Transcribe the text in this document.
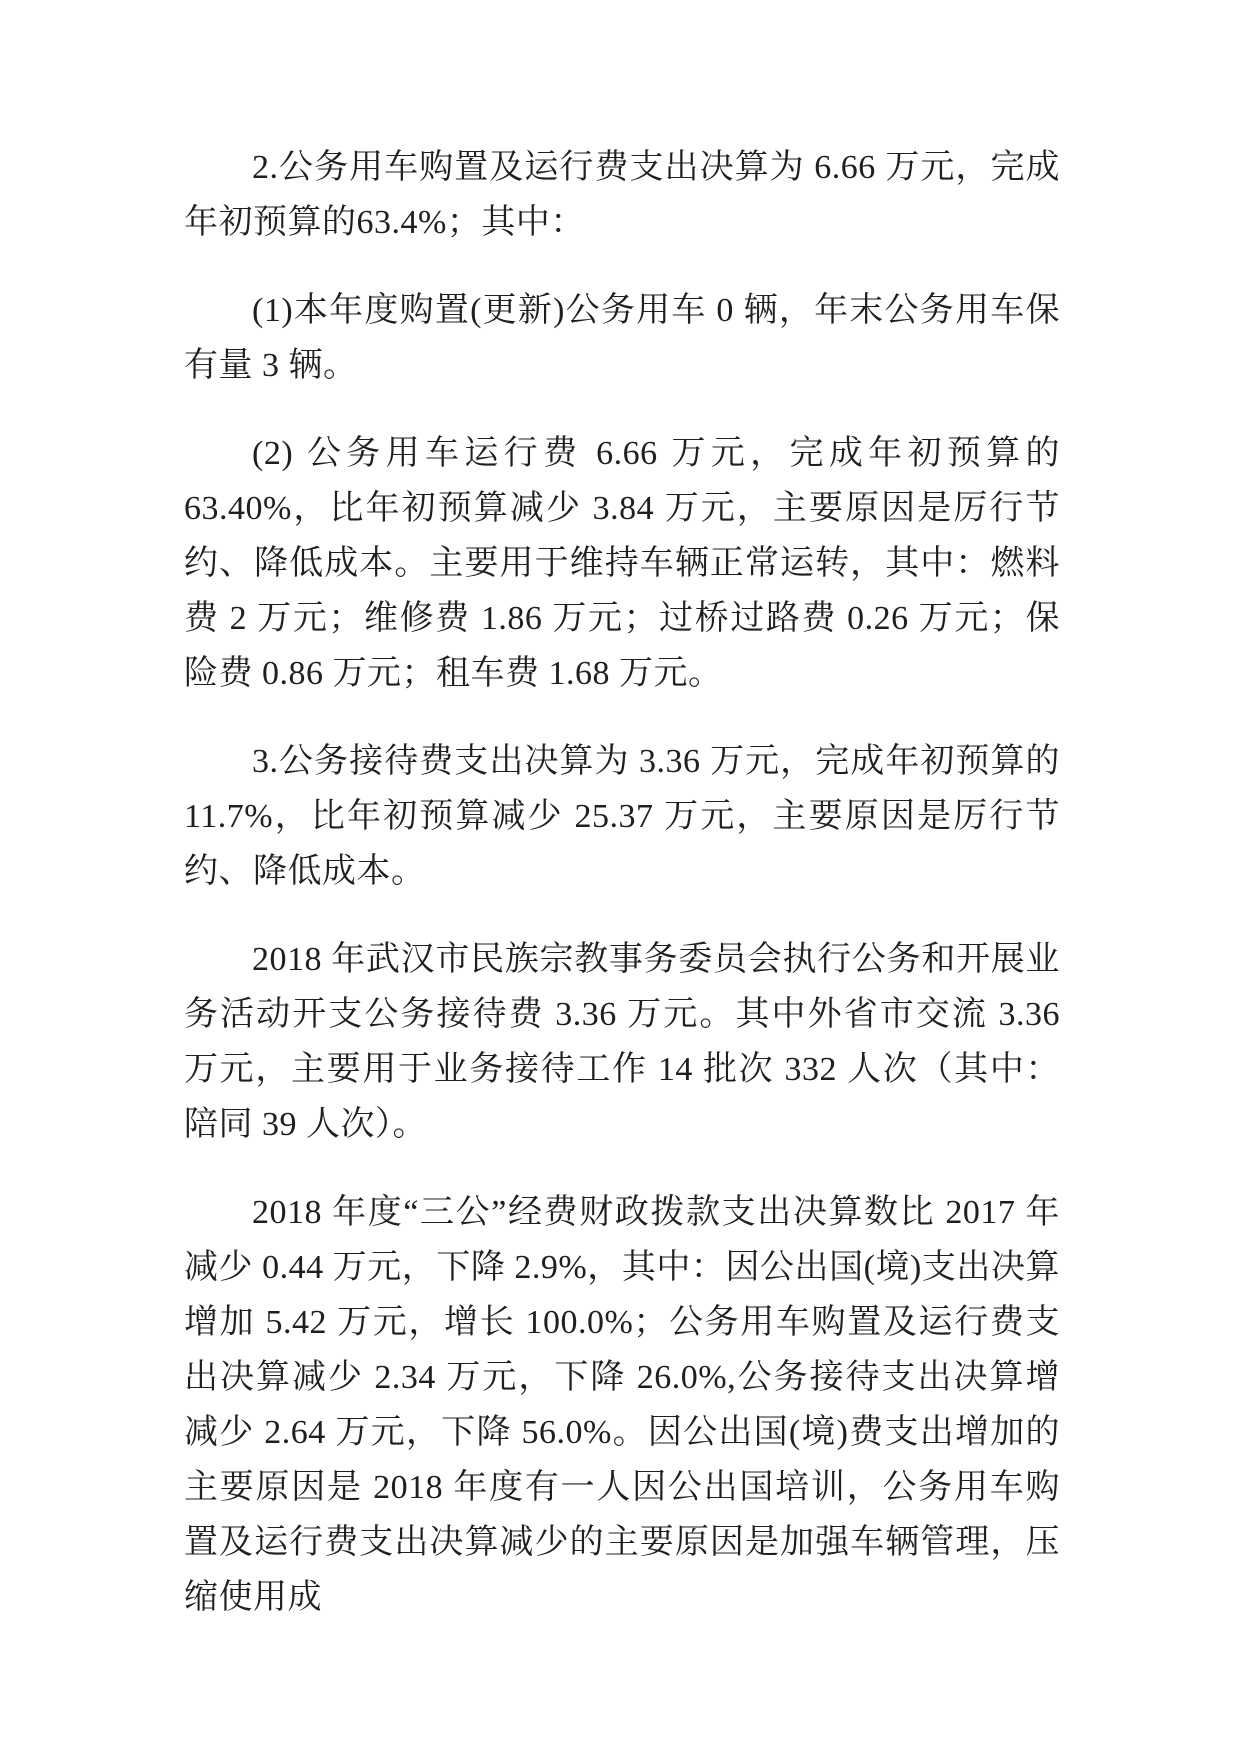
2.公务用车购置及运行费支出决算为 6.66 万元，完成年初预算的63.4%；其中：

(1)本年度购置(更新)公务用车 0 辆，年末公务用车保有量 3 辆。

(2) 公务用车运行费 6.66 万元，完成年初预算的63.40%，比年初预算减少 3.84 万元，主要原因是厉行节约、降低成本。主要用于维持车辆正常运转，其中：燃料费 2 万元；维修费 1.86 万元；过桥过路费 0.26 万元；保险费 0.86 万元；租车费 1.68 万元。

3.公务接待费支出决算为 3.36 万元，完成年初预算的11.7%，比年初预算减少 25.37 万元，主要原因是厉行节约、降低成本。

2018 年武汉市民族宗教事务委员会执行公务和开展业务活动开支公务接待费 3.36 万元。其中外省市交流 3.36 万元，主要用于业务接待工作 14 批次 332 人次（其中：陪同 39 人次）。

2018 年度“三公”经费财政拨款支出决算数比 2017 年减少 0.44 万元，下降 2.9%，其中：因公出国(境)支出决算增加 5.42 万元，增长 100.0%；公务用车购置及运行费支出决算减少 2.34 万元，下降 26.0%,公务接待支出决算增减少 2.64 万元，下降 56.0%。因公出国(境)费支出增加的主要原因是 2018 年度有一人因公出国培训，公务用车购置及运行费支出决算减少的主要原因是加强车辆管理，压缩使用成
